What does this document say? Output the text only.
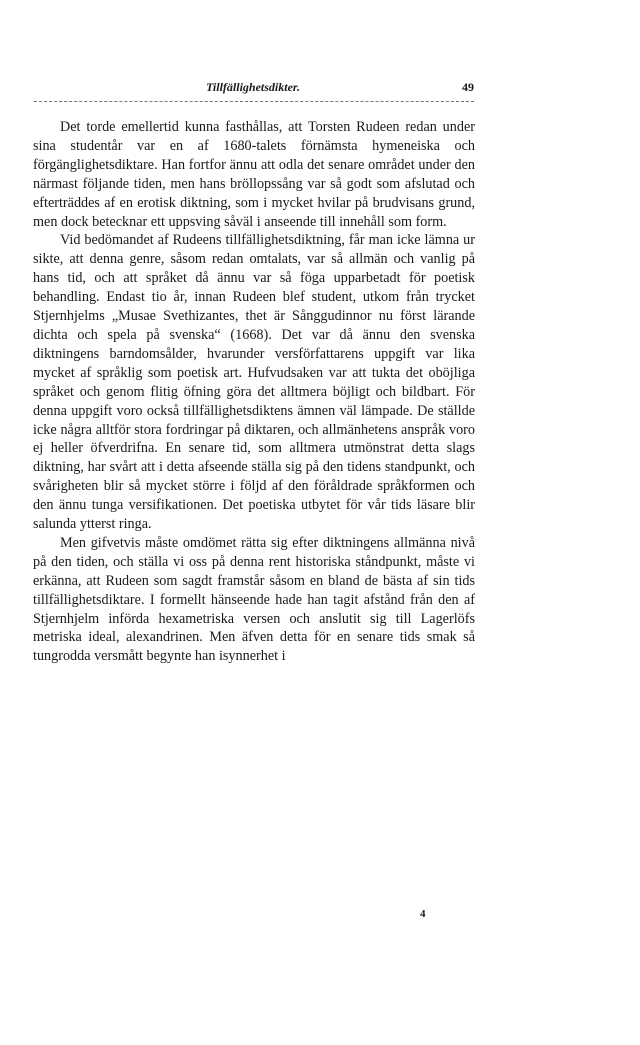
Tillfällighetsdikter.	49

Det torde emellertid kunna fasthållas, att Torsten Rudeen redan under sina studentår var en af 1680-talets förnämsta hymeneiska och förgänglighetsdiktare. Han fortfor ännu att odla det senare området under den närmast följande tiden, men hans bröllopssång var så godt som afslutad och efterträddes af en erotisk diktning, som i mycket hvilar på brudvisans grund, men dock betecknar ett uppsving såväl i anseende till innehåll som form.

Vid bedömandet af Rudeens tillfällighetsdiktning, får man icke lämna ur sikte, att denna genre, såsom redan omtalats, var så allmän och vanlig på hans tid, och att språket då ännu var så föga upparbetadt för poetisk behandling. Endast tio år, innan Rudeen blef student, utkom från trycket Stjernhjelms „Musae Svethizantes, thet är Sånggudinnor nu först lärande dichta och spela på svenska“ (1668). Det var då ännu den svenska diktningens barndomsålder, hvarunder versförfattarens uppgift var lika mycket af språklig som poetisk art. Hufvudsaken var att tukta det oböjliga språket och genom flitig öfning göra det alltmera böjligt och bildbart. För denna uppgift voro också tillfällighetsdiktens ämnen väl lämpade. De ställde icke några alltför stora fordringar på diktaren, och allmänhetens anspråk voro ej heller öfverdrifna. En senare tid, som alltmera utmönstrat detta slags diktning, har svårt att i detta afseende ställa sig på den tidens standpunkt, och svårigheten blir så mycket större i följd af den föråldrade språkformen och den ännu tunga versifikationen. Det poetiska utbytet för vår tids läsare blir salunda ytterst ringa.

Men gifvetvis måste omdömet rätta sig efter diktningens allmänna nivå på den tiden, och ställa vi oss på denna rent historiska ståndpunkt, måste vi erkänna, att Rudeen som sagdt framstår såsom en bland de bästa af sin tids tillfällighetsdiktare. I formellt hänseende hade han tagit afstånd från den af Stjernhjelm införda hexametriska versen och anslutit sig till Lagerlöfs metriska ideal, alexandrinen. Men äfven detta för en senare tids smak så tungrodda versmått begynte han isynnerhet i

4
